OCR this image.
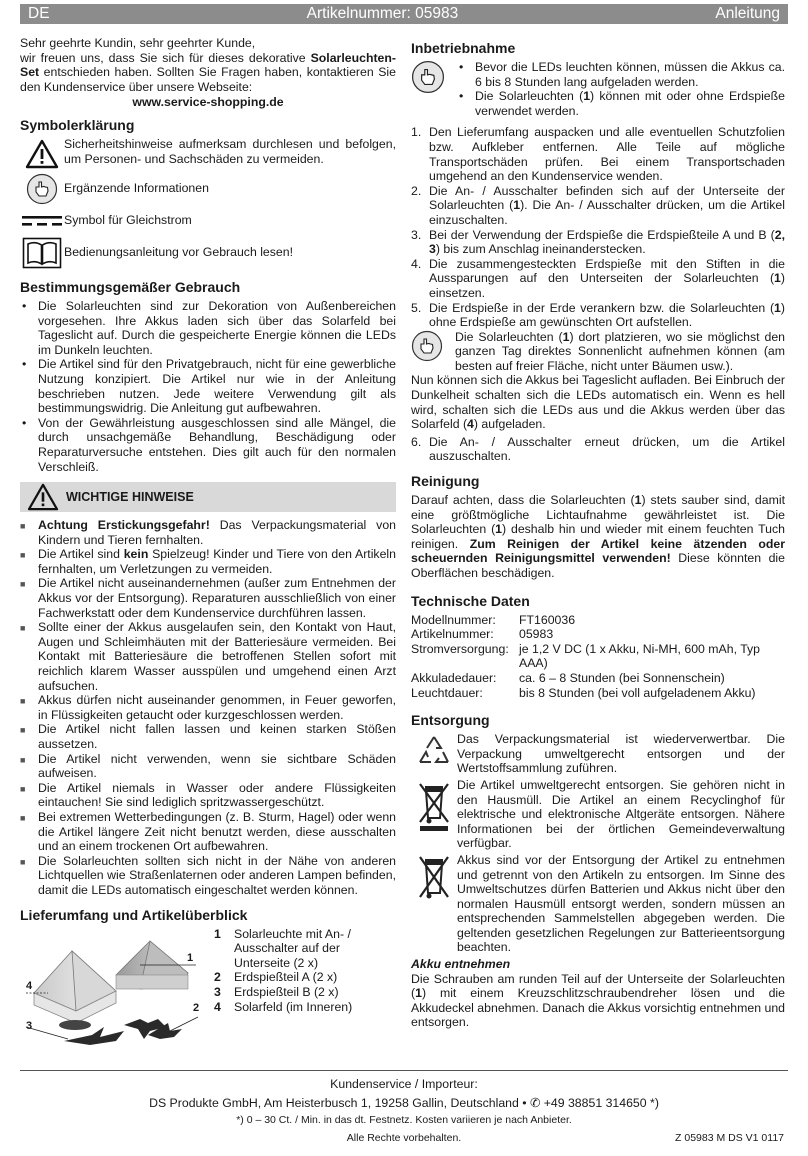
DE	Artikelnummer: 05983	Anleitung

Sehr geehrte Kundin, sehr geehrter Kunde,

wir freuen uns, dass Sie sich für dieses dekorative Solarleuchten-Set entschieden haben. Sollten Sie Fragen haben, kontaktieren Sie den Kundenservice über unsere Webseite:

www.service-shopping.de

Symbolerklärung
Sicherheitshinweise aufmerksam durchlesen und befolgen, um Personen- und Sachschäden zu vermeiden.
Ergänzende Informationen
Symbol für Gleichstrom
Bedienungsanleitung vor Gebrauch lesen!
Bestimmungsgemäßer Gebrauch
• Die Solarleuchten sind zur Dekoration von Außenbereichen vorgesehen. Ihre Akkus laden sich über das Solarfeld bei Tageslicht auf. Durch die gespeicherte Energie können die LEDs im Dunkeln leuchten.
• Die Artikel sind für den Privatgebrauch, nicht für eine gewerbliche Nutzung konzipiert. Die Artikel nur wie in der Anleitung beschrieben nutzen. Jede weitere Verwendung gilt als bestimmungswidrig. Die Anleitung gut aufbewahren.
• Von der Gewährleistung ausgeschlossen sind alle Mängel, die durch unsachgemäße Behandlung, Beschädigung oder Reparaturversuche entstehen. Dies gilt auch für den normalen Verschleiß.
WICHTIGE HINWEISE
■	Achtung Erstickungsgefahr! Das Verpackungsmaterial von Kindern und Tieren fernhalten.
■	Die Artikel sind kein Spielzeug! Kinder und Tiere von den Artikeln fernhalten, um Verletzungen zu vermeiden.
■	Die Artikel nicht auseinandernehmen (außer zum Entnehmen der Akkus vor der Entsorgung). Reparaturen ausschließlich von einer Fachwerkstatt oder dem Kundenservice durchführen lassen.
■	Sollte einer der Akkus ausgelaufen sein, den Kontakt von Haut, Augen und Schleimhäuten mit der Batteriesäure vermeiden. Bei Kontakt mit Batteriesäure die betroffenen Stellen sofort mit reichlich klarem Wasser ausspülen und umgehend einen Arzt aufsuchen.
■	Akkus dürfen nicht auseinander genommen, in Feuer geworfen, in Flüssigkeiten getaucht oder kurzgeschlossen werden.
■	Die Artikel nicht fallen lassen und keinen starken Stößen aussetzen.
■	Die Artikel nicht verwenden, wenn sie sichtbare Schäden aufweisen.
■	Die Artikel niemals in Wasser oder andere Flüssigkeiten eintauchen! Sie sind lediglich spritzwassergeschützt.
■	Bei extremen Wetterbedingungen (z. B. Sturm, Hagel) oder wenn die Artikel längere Zeit nicht benutzt werden, diese ausschalten und an einem trockenen Ort aufbewahren.
■	Die Solarleuchten sollten sich nicht in der Nähe von anderen Lichtquellen wie Straßenlaternen oder anderen Lampen befinden, damit die LEDs automatisch eingeschaltet werden können.
Lieferumfang und Artikelüberblick
1
2
3
4
1	Solarleuchte mit An- / Ausschalter auf der Unterseite (2 x)
2	Erdspießteil A (2 x)
3	Erdspießteil B (2 x)
4	Solarfeld (im Inneren)
Inbetriebnahme
• Bevor die LEDs leuchten können, müssen die Akkus ca. 6 bis 8 Stunden lang aufgeladen werden.
• Die Solarleuchten (1) können mit oder ohne Erdspieße verwendet werden.
1. Den Lieferumfang auspacken und alle eventuellen Schutzfolien bzw. Aufkleber entfernen. Alle Teile auf mögliche Transportschäden prüfen. Bei einem Transportschaden umgehend an den Kundenservice wenden.
2. Die An- / Ausschalter befinden sich auf der Unterseite der Solarleuchten (1). Die An- / Ausschalter drücken, um die Artikel einzuschalten.
3. Bei der Verwendung der Erdspieße die Erdspießteile A und B (2, 3) bis zum Anschlag ineinanderstecken.
4. Die zusammengesteckten Erdspieße mit den Stiften in die Aussparungen auf den Unterseiten der Solarleuchten (1) einsetzen.
5. Die Erdspieße in der Erde verankern bzw. die Solarleuchten (1) ohne Erdspieße am gewünschten Ort aufstellen.
Die Solarleuchten (1) dort platzieren, wo sie möglichst den ganzen Tag direktes Sonnenlicht aufnehmen können (am besten auf freier Fläche, nicht unter Bäumen usw.).

Nun können sich die Akkus bei Tageslicht aufladen. Bei Einbruch der Dunkelheit schalten sich die LEDs automatisch ein. Wenn es hell wird, schalten sich die LEDs aus und die Akkus werden über das Solarfeld (4) aufgeladen.

6. Die An- / Ausschalter erneut drücken, um die Artikel auszuschalten.
Reinigung

Darauf achten, dass die Solarleuchten (1) stets sauber sind, damit eine größtmögliche Lichtaufnahme gewährleistet ist. Die Solarleuchten (1) deshalb hin und wieder mit einem feuchten Tuch reinigen. Zum Reinigen der Artikel keine ätzenden oder scheuernden Reinigungsmittel verwenden! Diese könnten die Oberflächen beschädigen.

Technische Daten
Modellnummer:	FT160036
Artikelnummer:	05983
Stromversorgung: je 1,2 V DC (1 x Akku, Ni-MH, 600 mAh, Typ AAA)
Akkuladedauer:	ca. 6 – 8 Stunden (bei Sonnenschein)
Leuchtdauer:	bis 8 Stunden (bei voll aufgeladenem Akku)
Entsorgung
Das Verpackungsmaterial ist wiederverwertbar. Die Verpackung umweltgerecht entsorgen und der Wertstoffsammlung zuführen.
Die Artikel umweltgerecht entsorgen. Sie gehören nicht in den Hausmüll. Die Artikel an einem Recyclinghof für elektrische und elektronische Altgeräte entsorgen. Nähere Informationen bei der örtlichen Gemeindeverwaltung verfügbar.
Akkus sind vor der Entsorgung der Artikel zu entnehmen und getrennt von den Artikeln zu entsorgen. Im Sinne des Umweltschutzes dürfen Batterien und Akkus nicht über den normalen Hausmüll entsorgt werden, sondern müssen an entsprechenden Sammelstellen abgegeben werden. Die geltenden gesetzlichen Regelungen zur Batterieentsorgung beachten.

Akku entnehmen

Die Schrauben am runden Teil auf der Unterseite der Solarleuchten (1) mit einem Kreuzschlitzschraubendreher lösen und die Akkudeckel abnehmen. Danach die Akkus vorsichtig entnehmen und entsorgen.

Kundenservice / Importeur:

DS Produkte GmbH, Am Heisterbusch 1, 19258 Gallin, Deutschland • ✆ +49 38851 314650 *)

*) 0 – 30 Ct. / Min. in das dt. Festnetz. Kosten variieren je nach Anbieter.

Alle Rechte vorbehalten.	Z 05983 M DS V1 0117
